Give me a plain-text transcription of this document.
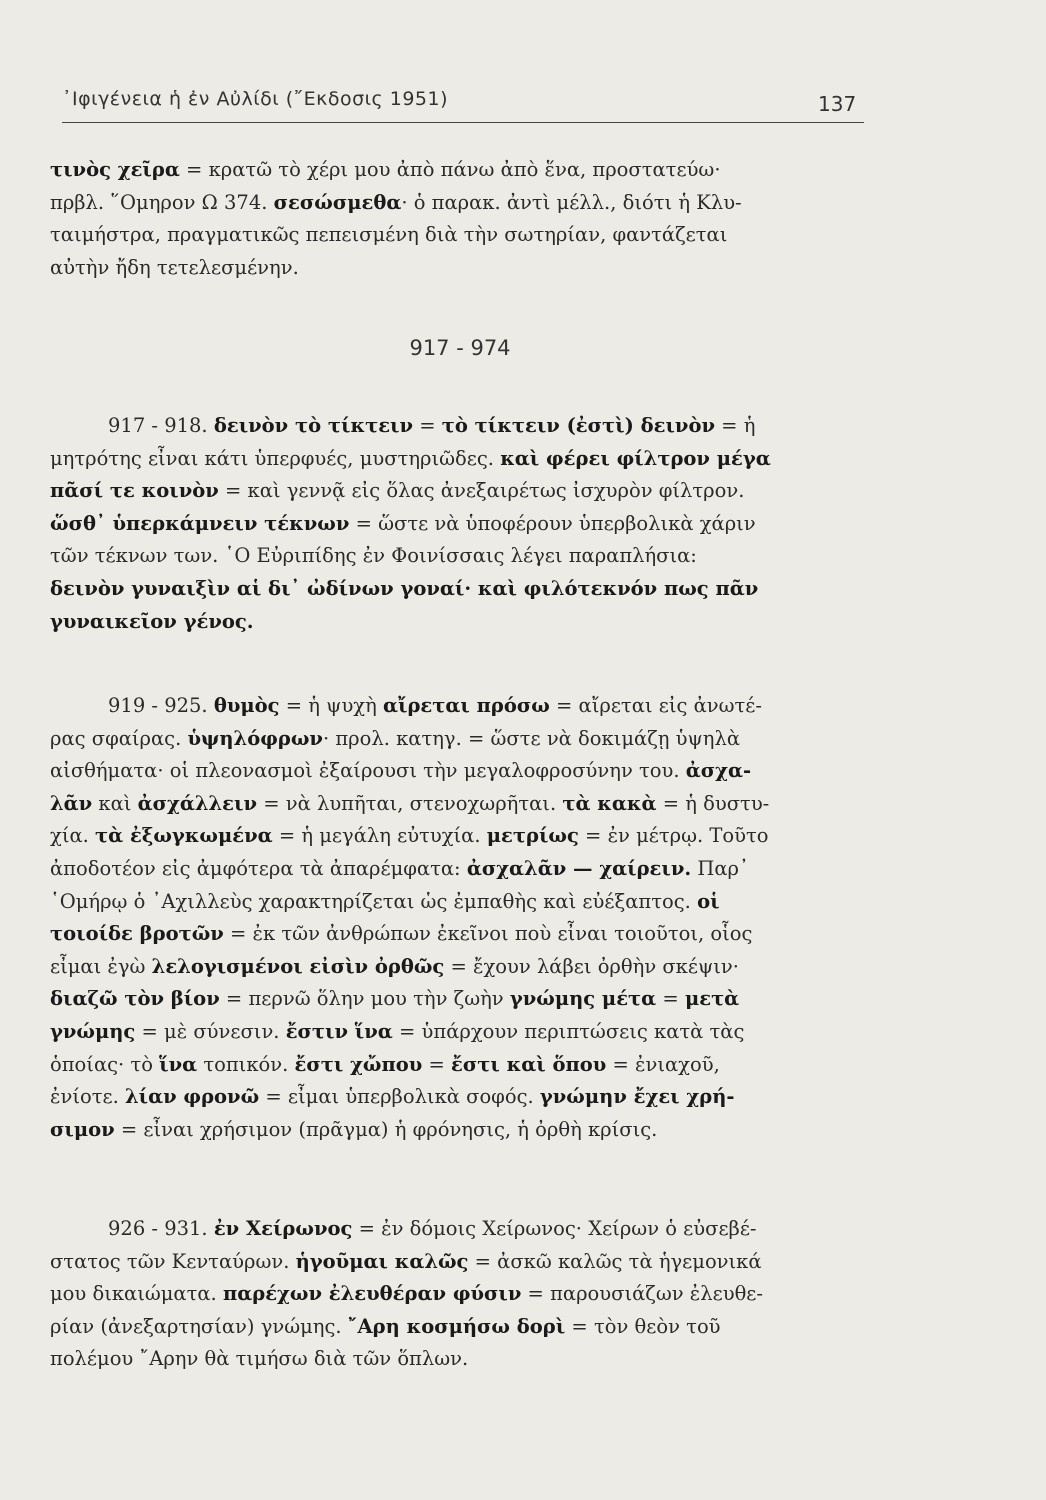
᾿Ιφιγένεια ἡ ἐν Αὐλίδι (῎Εκδοσις 1951)	137
τινὸς χεῖρα = κρατῶ τὸ χέρι μου ἀπὸ πάνω ἀπὸ ἕνα, προστατεύω·
πρβλ. ῞Ομηρον Ω 374. σεσώσμεθα· ὁ παρακ. ἀντὶ μέλλ., διότι ἡ Κλυ-
ταιμήστρα, πραγματικῶς πεπεισμένη διὰ τὴν σωτηρίαν, φαντάζεται
αὐτὴν ἤδη τετελεσμένην.
917 - 974
917 - 918. δεινὸν τὸ τίκτειν = τὸ τίκτειν (ἐστὶ) δεινὸν = ἡ
μητρότης εἶναι κάτι ὑπερφυές, μυστηριῶδες. καὶ φέρει φίλτρον μέγα
πᾶσί τε κοινὸν = καὶ γεννᾷ εἰς ὅλας ἀνεξαιρέτως ἰσχυρὸν φίλτρον.
ὥσθ᾿ ὑπερκάμνειν τέκνων = ὥστε νὰ ὑποφέρουν ὑπερβολικὰ χάριν
τῶν τέκνων των. ῾Ο Εὐριπίδης ἐν Φοινίσσαις λέγει παραπλήσια:
δεινὸν γυναιξὶν αἱ δι᾿ ὠδίνων γοναί· καὶ φιλότεκνόν πως πᾶν
γυναικεῖον γένος.
919 - 925. θυμὸς = ἡ ψυχὴ αἴρεται πρόσω = αἴρεται εἰς ἀνωτέ-
ρας σφαίρας. ὑψηλόφρων· προλ. κατηγ. = ὥστε νὰ δοκιμάζῃ ὑψηλὰ
αἰσθήματα· οἱ πλεονασμοὶ ἐξαίρουσι τὴν μεγαλοφροσύνην του. ἀσχα-
λᾶν καὶ ἀσχάλλειν = νὰ λυπῆται, στενοχωρῆται. τὰ κακὰ = ἡ δυστυ-
χία. τὰ ἐξωγκωμένα = ἡ μεγάλη εὐτυχία. μετρίως = ἐν μέτρῳ. Τοῦτο
ἀποδοτέον εἰς ἀμφότερα τὰ ἀπαρέμφατα: ἀσχαλᾶν — χαίρειν. Παρ᾿
῾Ομήρῳ ὁ ᾿Αχιλλεὺς χαρακτηρίζεται ὡς ἐμπαθὴς καὶ εὐέξαπτος. οἱ
τοιοίδε βροτῶν = ἐκ τῶν ἀνθρώπων ἐκεῖνοι ποὺ εἶναι τοιοῦτοι, οἷος
εἶμαι ἐγὼ λελογισμένοι εἰσὶν ὀρθῶς = ἔχουν λάβει ὀρθὴν σκέψιν·
διαζῶ τὸν βίον = περνῶ ὅλην μου τὴν ζωὴν γνώμης μέτα = μετὰ
γνώμης = μὲ σύνεσιν. ἔστιν ἵνα = ὑπάρχουν περιπτώσεις κατὰ τὰς
ὁποίας· τὸ ἵνα τοπικόν. ἔστι χὤπου = ἔστι καὶ ὅπου = ἐνιαχοῦ,
ἐνίοτε. λίαν φρονῶ = εἶμαι ὑπερβολικὰ σοφός. γνώμην ἔχει χρή-
σιμον = εἶναι χρήσιμον (πρᾶγμα) ἡ φρόνησις, ἡ ὀρθὴ κρίσις.
926 - 931. ἐν Χείρωνος = ἐν δόμοις Χείρωνος· Χείρων ὁ εὐσεβέ-
στατος τῶν Κενταύρων. ἡγοῦμαι καλῶς = ἀσκῶ καλῶς τὰ ἡγεμονικά
μου δικαιώματα. παρέχων ἐλευθέραν φύσιν = παρουσιάζων ἐλευθε-
ρίαν (ἀνεξαρτησίαν) γνώμης. ῎Αρη κοσμήσω δορὶ = τὸν θεὸν τοῦ
πολέμου ῎Αρην θὰ τιμήσω διὰ τῶν ὅπλων.
